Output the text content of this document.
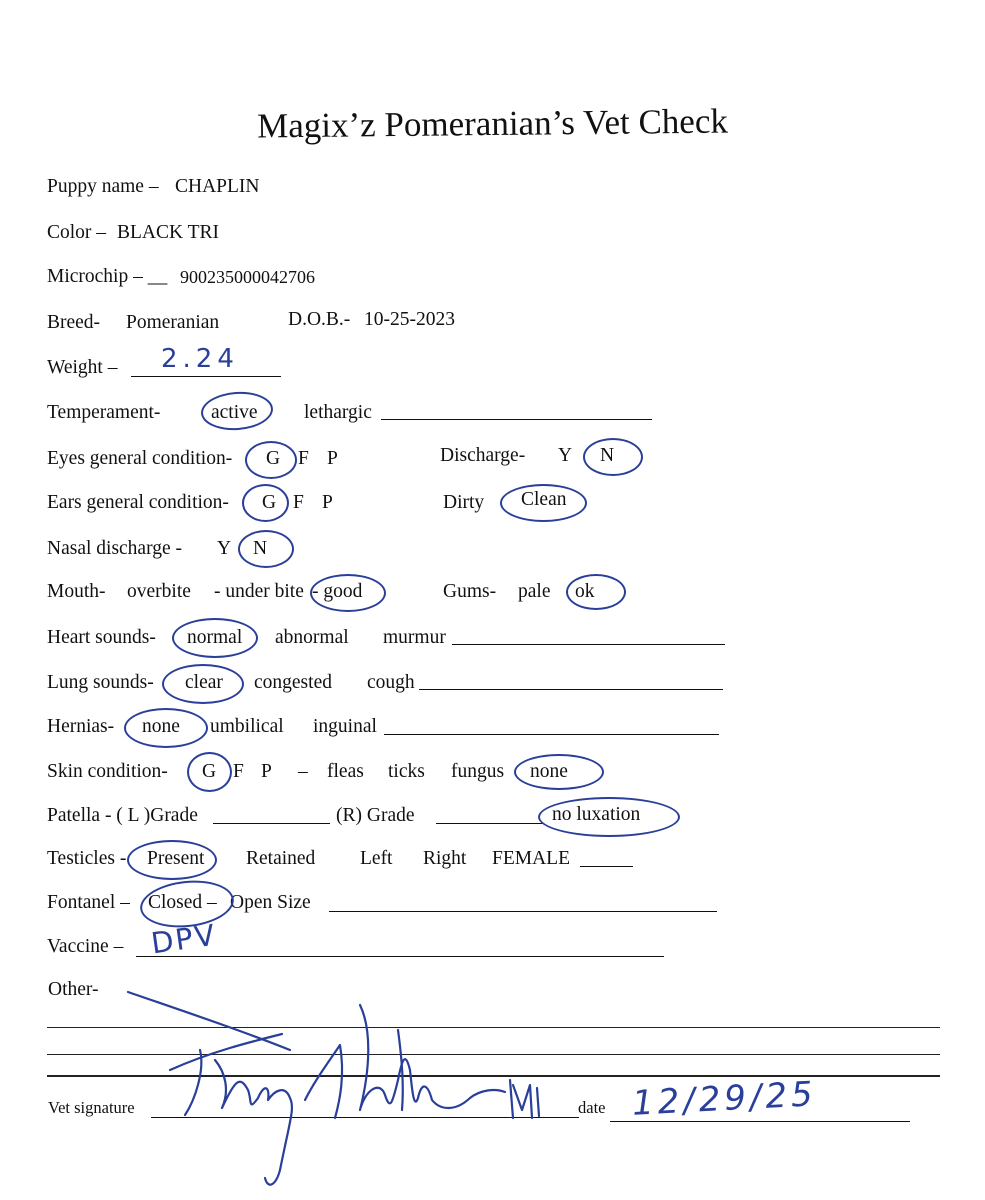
Magix’z Pomeranian’s Vet Check
Puppy name – CHAPLIN
Color – BLACK TRI
Microchip – __ 900235000042706
Breed- Pomeranian	D.O.B.- 10-25-2023
Weight – 2.24
Temperament-	active lethargic
Eyes general condition- G F P	Discharge- Y N
Ears general condition- G F P	Dirty Clean
Nasal discharge - Y N
Mouth- overbite - under bite - good	Gums- pale ok
Heart sounds- normal abnormal murmur
Lung sounds- clear congested cough
Hernias- none umbilical inguinal
Skin condition- G F P – fleas ticks fungus none
Patella - ( L )Grade	(R) Grade	no luxation
Testicles - Present Retained Left Right FEMALE
Fontanel – Closed – Open Size
Vaccine – DPV
Other-
Vet signature	date 12/29/25
